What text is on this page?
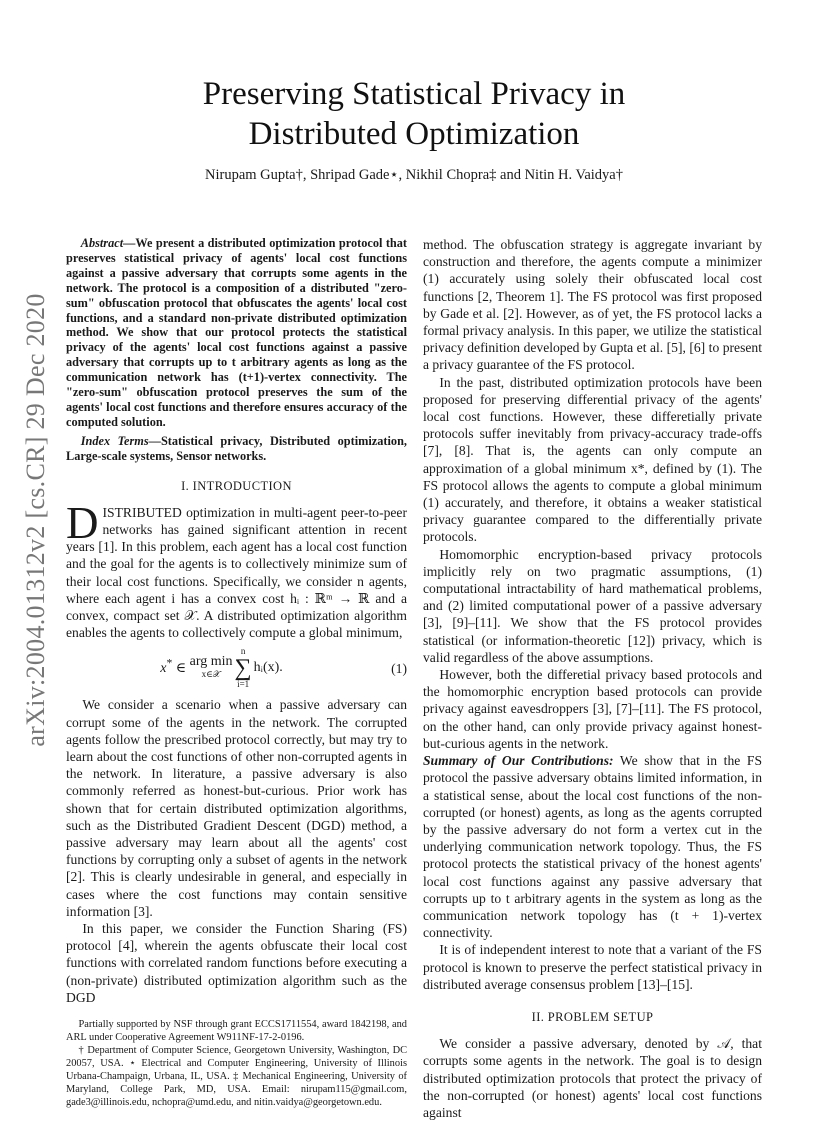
arXiv:2004.01312v2 [cs.CR] 29 Dec 2020
Preserving Statistical Privacy in
Distributed Optimization
Nirupam Gupta†, Shripad Gade⋆, Nikhil Chopra‡ and Nitin H. Vaidya†

Abstract—We present a distributed optimization protocol that preserves statistical privacy of agents' local cost functions against a passive adversary that corrupts some agents in the network. The protocol is a composition of a distributed "zero-sum" obfuscation protocol that obfuscates the agents' local cost functions, and a standard non-private distributed optimization method. We show that our protocol protects the statistical privacy of the agents' local cost functions against a passive adversary that corrupts up to t arbitrary agents as long as the communication network has (t+1)-vertex connectivity. The "zero-sum" obfuscation protocol preserves the sum of the agents' local cost functions and therefore ensures accuracy of the computed solution.

Index Terms—Statistical privacy, Distributed optimization, Large-scale systems, Sensor networks.

I. INTRODUCTION

DISTRIBUTED optimization in multi-agent peer-to-peer networks has gained significant attention in recent years [1]. In this problem, each agent has a local cost function and the goal for the agents is to collectively minimize sum of their local cost functions. Specifically, we consider n agents, where each agent i has a convex cost hᵢ : ℝᵐ → ℝ and a convex, compact set 𝒳. A distributed optimization algorithm enables the agents to collectively compute a global minimum,

x* ∈ arg min
x∈𝒳
n
∑
i=1
hᵢ(x).	(1)

We consider a scenario when a passive adversary can corrupt some of the agents in the network. The corrupted agents follow the prescribed protocol correctly, but may try to learn about the cost functions of other non-corrupted agents in the network. In literature, a passive adversary is also commonly referred as honest-but-curious. Prior work has shown that for certain distributed optimization algorithms, such as the Distributed Gradient Descent (DGD) method, a passive adversary may learn about all the agents' cost functions by corrupting only a subset of agents in the network [2]. This is clearly undesirable in general, and especially in cases where the cost functions may contain sensitive information [3].

In this paper, we consider the Function Sharing (FS) protocol [4], wherein the agents obfuscate their local cost functions with correlated random functions before executing a (non-private) distributed optimization algorithm such as the DGD

Partially supported by NSF through grant ECCS1711554, award 1842198, and ARL under Cooperative Agreement W911NF-17-2-0196.

† Department of Computer Science, Georgetown University, Washington, DC 20057, USA. ⋆ Electrical and Computer Engineering, University of Illinois Urbana-Champaign, Urbana, IL, USA. ‡ Mechanical Engineering, University of Maryland, College Park, MD, USA. Email: nirupam115@gmail.com, gade3@illinois.edu, nchopra@umd.edu, and nitin.vaidya@georgetown.edu.

method. The obfuscation strategy is aggregate invariant by construction and therefore, the agents compute a minimizer (1) accurately using solely their obfuscated local cost functions [2, Theorem 1]. The FS protocol was first proposed by Gade et al. [2]. However, as of yet, the FS protocol lacks a formal privacy analysis. In this paper, we utilize the statistical privacy definition developed by Gupta et al. [5], [6] to present a privacy guarantee of the FS protocol.

In the past, distributed optimization protocols have been proposed for preserving differential privacy of the agents' local cost functions. However, these differetially private protocols suffer inevitably from privacy-accuracy trade-offs [7], [8]. That is, the agents can only compute an approximation of a global minimum x*, defined by (1). The FS protocol allows the agents to compute a global minimum (1) accurately, and therefore, it obtains a weaker statistical privacy guarantee compared to the differentially private protocols.

Homomorphic encryption-based privacy protocols implicitly rely on two pragmatic assumptions, (1) computational intractability of hard mathematical problems, and (2) limited computational power of a passive adversary [3], [9]–[11]. We show that the FS protocol provides statistical (or information-theoretic [12]) privacy, which is valid regardless of the above assumptions.

However, both the differetial privacy based protocols and the homomorphic encryption based protocols can provide privacy against eavesdroppers [3], [7]–[11]. The FS protocol, on the other hand, can only provide privacy against honest-but-curious agents in the network.

Summary of Our Contributions: We show that in the FS protocol the passive adversary obtains limited information, in a statistical sense, about the local cost functions of the non-corrupted (or honest) agents, as long as the agents corrupted by the passive adversary do not form a vertex cut in the underlying communication network topology. Thus, the FS protocol protects the statistical privacy of the honest agents' local cost functions against any passive adversary that corrupts up to t arbitrary agents in the system as long as the communication network topology has (t + 1)-vertex connectivity.

It is of independent interest to note that a variant of the FS protocol is known to preserve the perfect statistical privacy in distributed average consensus problem [13]–[15].

II. PROBLEM SETUP

We consider a passive adversary, denoted by 𝒜, that corrupts some agents in the network. The goal is to design distributed optimization protocols that protect the privacy of the non-corrupted (or honest) agents' local cost functions against
